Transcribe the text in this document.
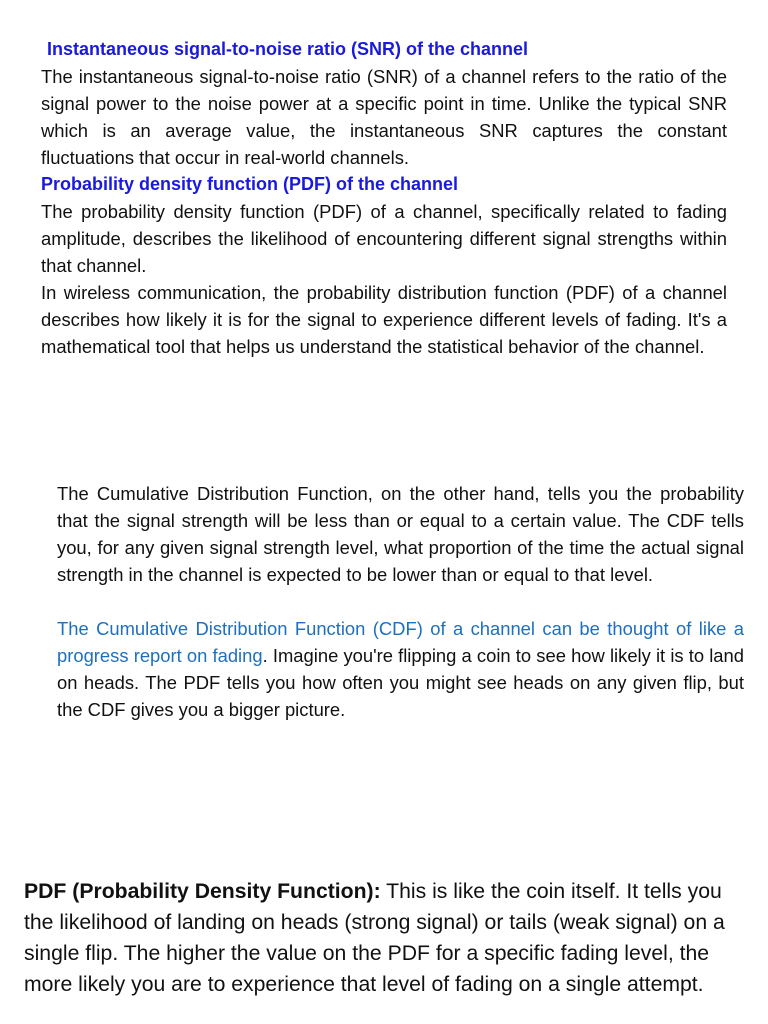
Instantaneous signal-to-noise ratio (SNR) of the channel

The instantaneous signal-to-noise ratio (SNR) of a channel refers to the ratio of the signal power to the noise power at a specific point in time. Unlike the typical SNR which is an average value, the instantaneous SNR captures the constant fluctuations that occur in real-world channels.

Probability density function (PDF) of the channel

The probability density function (PDF) of a channel, specifically related to fading amplitude, describes the likelihood of encountering different signal strengths within that channel.

In wireless communication, the probability distribution function (PDF) of a channel describes how likely it is for the signal to experience different levels of fading. It's a mathematical tool that helps us understand the statistical behavior of the channel.

The Cumulative Distribution Function, on the other hand, tells you the probability that the signal strength will be less than or equal to a certain value. The CDF tells you, for any given signal strength level, what proportion of the time the actual signal strength in the channel is expected to be lower than or equal to that level.

The Cumulative Distribution Function (CDF) of a channel can be thought of like a progress report on fading. Imagine you're flipping a coin to see how likely it is to land on heads. The PDF tells you how often you might see heads on any given flip, but the CDF gives you a bigger picture.

PDF (Probability Density Function): This is like the coin itself. It tells you the likelihood of landing on heads (strong signal) or tails (weak signal) on a single flip. The higher the value on the PDF for a specific fading level, the more likely you are to experience that level of fading on a single attempt.
